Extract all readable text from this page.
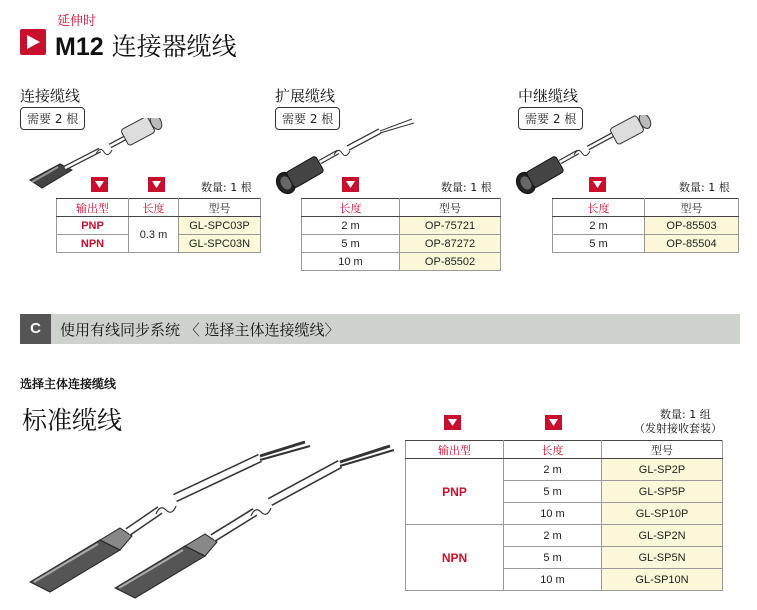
延伸时
M12 连接器缆线
连接缆线
需要 2 根
数量: 1 根
输出型	长度	型号
PNP	0.3 m	GL-SPC03P
NPN		GL-SPC03N
扩展缆线
需要 2 根
数量: 1 根
长度	型号
2 m	OP-75721
5 m	OP-87272
10 m	OP-85502
中继缆线
需要 2 根
数量: 1 根
长度	型号
2 m	OP-85503
5 m	OP-85504
C	使用有线同步系统 〈 选择主体连接缆线〉
选择主体连接缆线
标准缆线	数量: 1 组
（发射接收套装）
输出型	长度	型号
PNP	2 m	GL-SP2P
	5 m	GL-SP5P
	10 m	GL-SP10P
NPN	2 m	GL-SP2N
	5 m	GL-SP5N
	10 m	GL-SP10N
